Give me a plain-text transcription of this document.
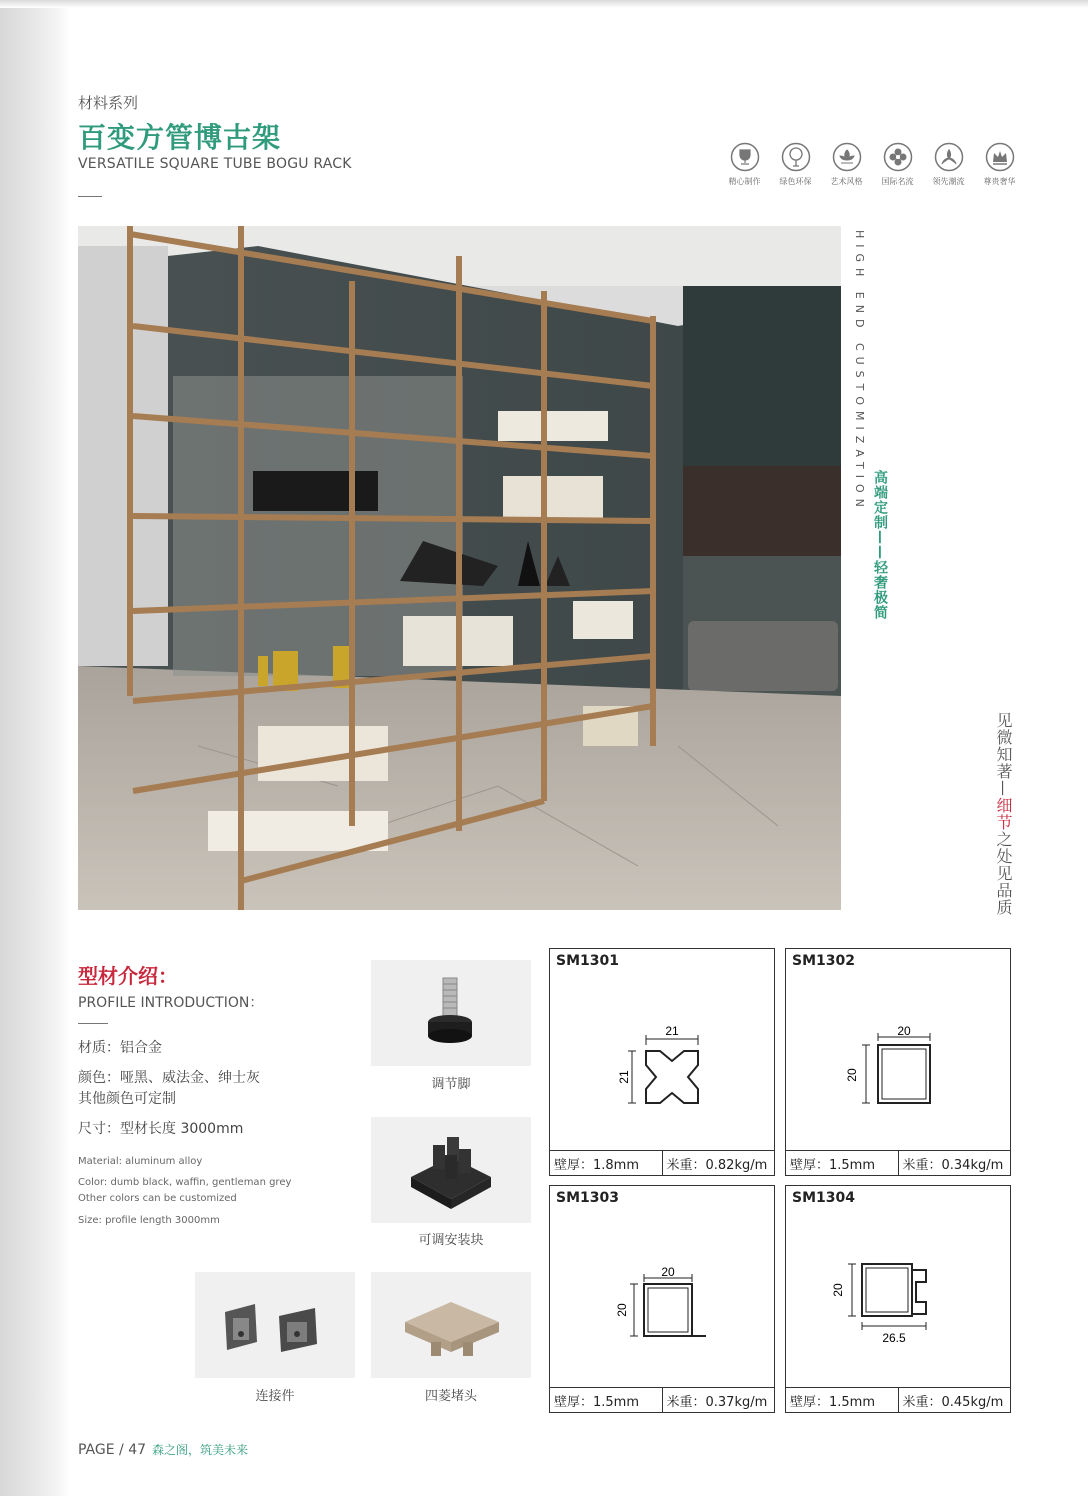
材料系列
百变方管博古架
VERSATILE SQUARE TUBE BOGU RACK
精心制作 绿色环保 艺术风格 国际名流 领先潮流 尊贵奢华
HIGH END CUSTOMIZATION
高端定制——轻奢极简
见微知著—细节之处见品质
型材介绍：
PROFILE INTRODUCTION：
材质：铝合金
颜色：哑黑、威法金、绅士灰
其他颜色可定制
尺寸：型材长度 3000mm
Material: aluminum alloy
Color: dumb black, waffin, gentleman grey
Other colors can be customized
Size: profile length 3000mm
调节脚
可调安装块
连接件	四菱堵头
SM1301
21
21
壁厚：1.8mm	米重：0.82kg/m
SM1302
20
20
壁厚：1.5mm	米重：0.34kg/m
SM1303
20
20
壁厚：1.5mm	米重：0.37kg/m
SM1304
26.5
20
壁厚：1.5mm	米重：0.45kg/m
PAGE / 47 森之阁，筑美未来
